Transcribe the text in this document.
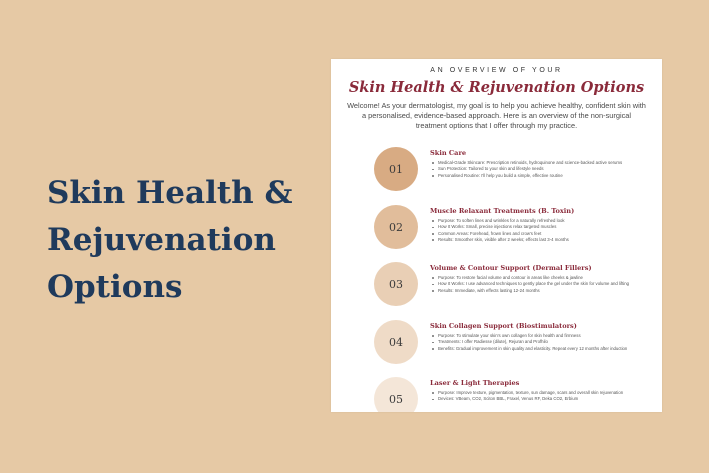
Skin Health &
Rejuvenation
Options
AN OVERVIEW OF YOUR
Skin Health & Rejuvenation Options

Welcome! As your dermatologist, my goal is to help you achieve healthy, confident skin with a personalised, evidence-based approach. Here is an overview of the non-surgical treatment options that I offer through my practice.

01
Skin Care
Medical-Grade Skincare: Prescription retinoids, hydroquinone and science-backed active serums
Sun Protection: Tailored to your skin and lifestyle needs
Personalised Routine: I'll help you build a simple, effective routine
02
Muscle Relaxant Treatments (B. Toxin)
Purpose: To soften lines and wrinkles for a naturally refreshed look
How It Works: Small, precise injections relax targeted muscles
Common Areas: Forehead, frown lines and crow's feet
Results: Smoother skin, visible after 2 weeks; effects last 3-4 months
03
Volume & Contour Support (Dermal Fillers)
Purpose: To restore facial volume and contour in areas like cheeks & jawline
How It Works: I use advanced techniques to gently place the gel under the skin for volume and lifting
Results: Immediate, with effects lasting 12-24 months
04
Skin Collagen Support (Biostimulators)
Purpose: To stimulate your skin's own collagen for skin health and firmness
Treatments: I offer Radiesse (dilute), Rejuran and Profhilo
Benefits: Gradual improvement in skin quality and elasticity. Repeat every 12 months after induction
05
Laser & Light Therapies
Purpose: Improve texture, pigmentation, texture, sun damage, scars and overall skin rejuvenation
Devices: VBeam, CO2, Sciton BBL, Fraxel, Venus RF, Deka CO2, Erbium
